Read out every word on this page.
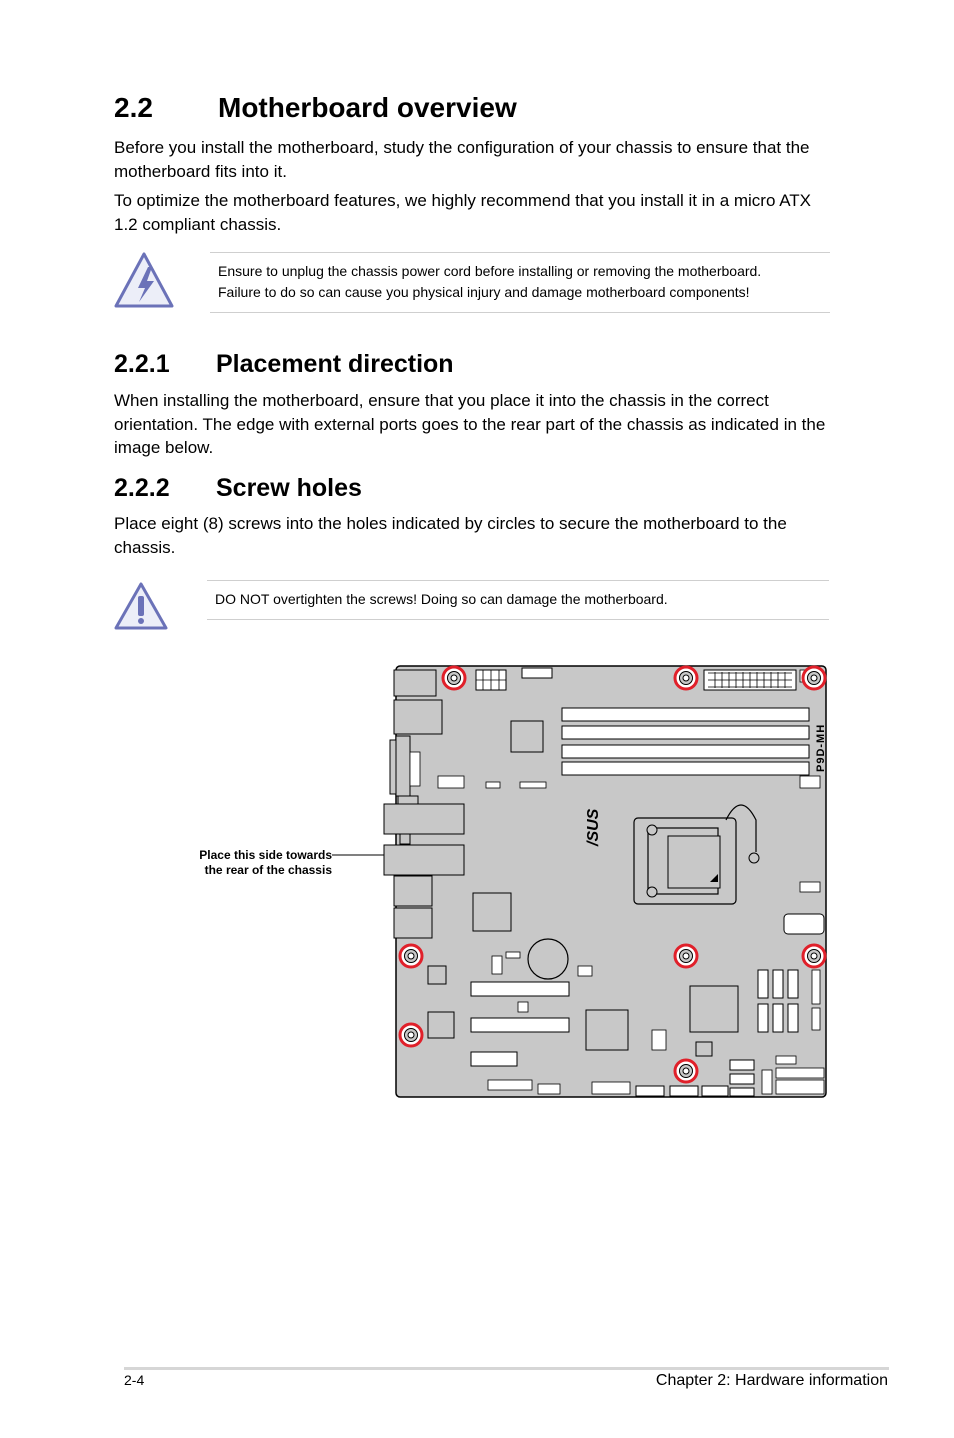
2.2 Motherboard overview

Before you install the motherboard, study the configuration of your chassis to ensure that the motherboard fits into it.

To optimize the motherboard features, we highly recommend that you install it in a micro ATX 1.2 compliant chassis.

Ensure to unplug the chassis power cord before installing or removing the motherboard.

Failure to do so can cause you physical injury and damage motherboard components!

2.2.1 Placement direction

When installing the motherboard, ensure that you place it into the chassis in the correct orientation. The edge with external ports goes to the rear part of the chassis as indicated in the image below.

2.2.2 Screw holes

Place eight (8) screws into the holes indicated by circles to secure the motherboard to the chassis.

DO NOT overtighten the screws! Doing so can damage the motherboard.

Place this side towards
the rear of the chassis
/SUS
P9D-MH
2-4	Chapter 2: Hardware information
